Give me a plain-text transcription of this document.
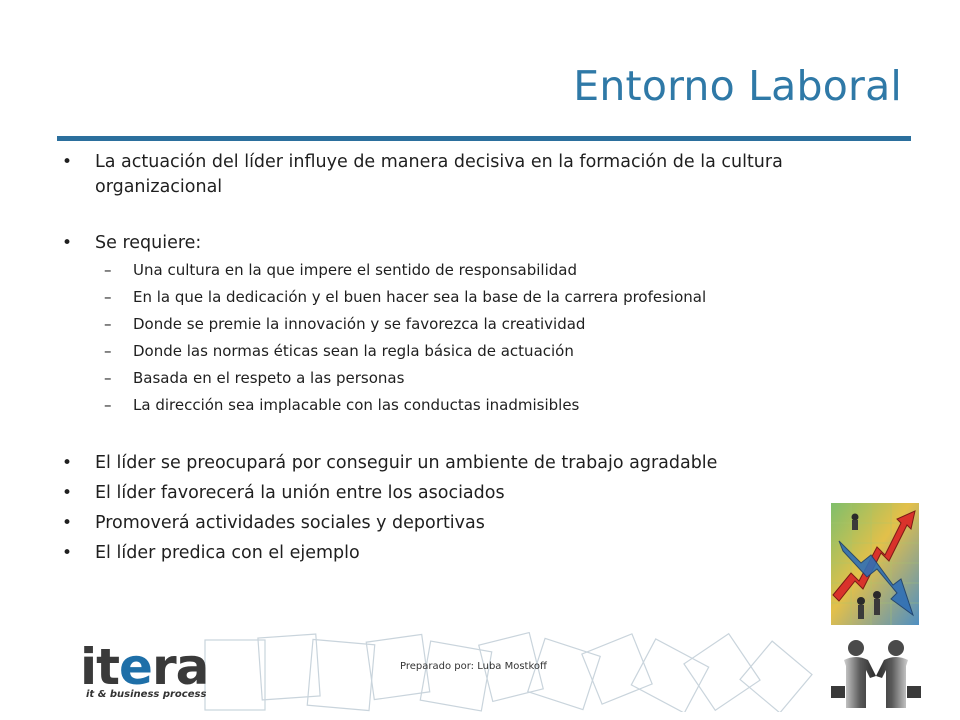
Entorno Laboral
• La actuación del líder influye de manera decisiva en la formación de la cultura organizacional
• Se requiere:
– Una cultura en la que impere el sentido de responsabilidad
– En la que la dedicación y el buen hacer sea la base de la carrera profesional
– Donde se premie la innovación y se favorezca la creatividad
– Donde las normas éticas sean la regla básica de actuación
– Basada en el respeto a las personas
– La dirección sea implacable con las conductas inadmisibles
• El líder se preocupará por conseguir un ambiente de trabajo agradable
• El líder favorecerá la unión entre los asociados
• Promoverá actividades sociales y deportivas
• El líder predica con el ejemplo
Preparado por: Luba Mostkoff
itera
it & business process
